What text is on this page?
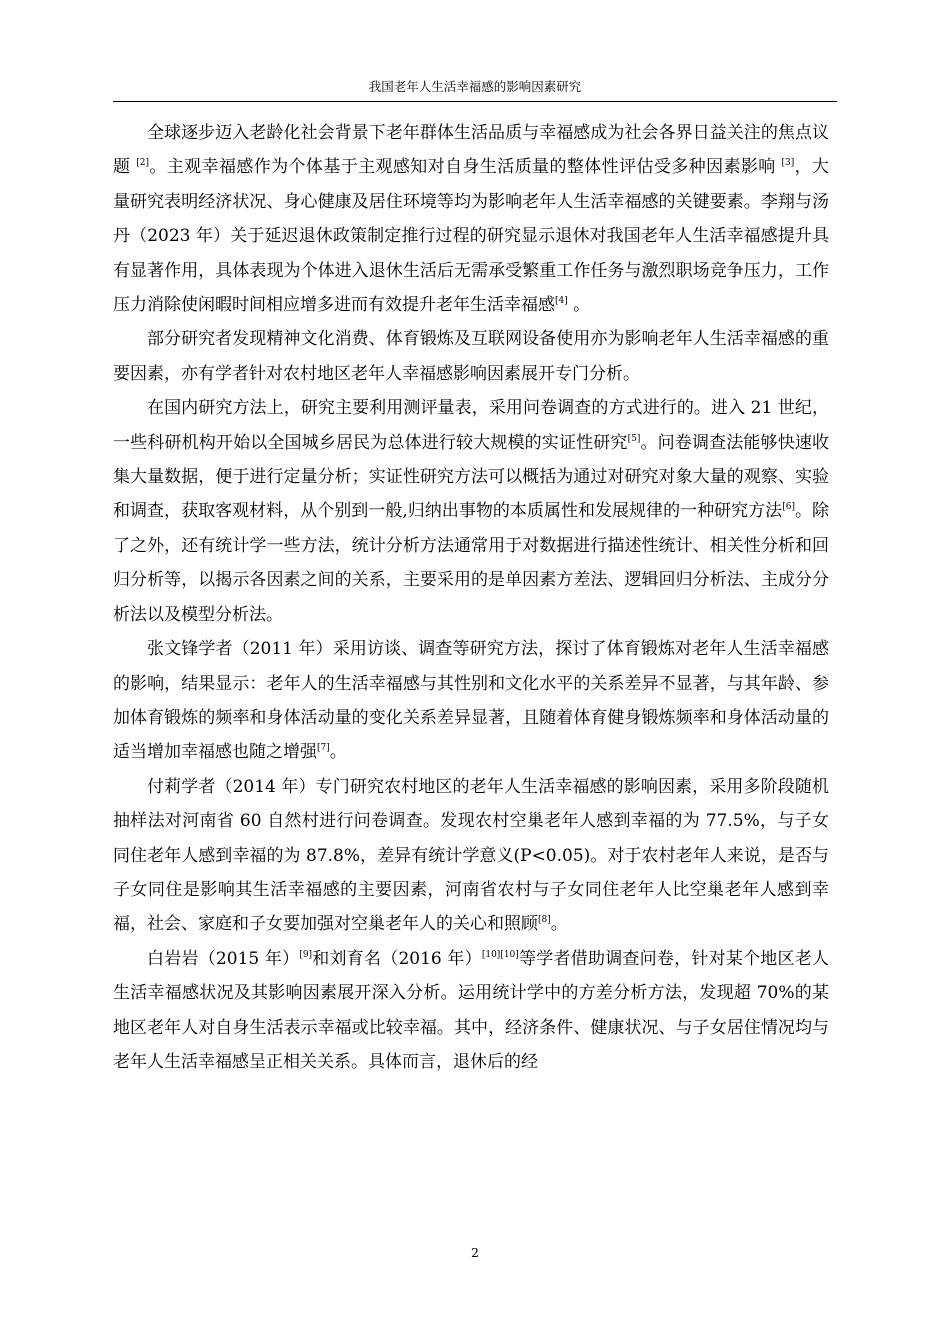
我国老年人生活幸福感的影响因素研究

全球逐步迈入老龄化社会背景下老年群体生活品质与幸福感成为社会各界日益关注的焦点议题 [2]。主观幸福感作为个体基于主观感知对自身生活质量的整体性评估受多种因素影响 [3]，大量研究表明经济状况、身心健康及居住环境等均为影响老年人生活幸福感的关键要素。李翔与汤丹（2023 年）关于延迟退休政策制定推行过程的研究显示退休对我国老年人生活幸福感提升具有显著作用，具体表现为个体进入退休生活后无需承受繁重工作任务与激烈职场竞争压力，工作压力消除使闲暇时间相应增多进而有效提升老年生活幸福感[4] 。

部分研究者发现精神文化消费、体育锻炼及互联网设备使用亦为影响老年人生活幸福感的重要因素，亦有学者针对农村地区老年人幸福感影响因素展开专门分析。

在国内研究方法上，研究主要利用测评量表，采用问卷调查的方式进行的。进入 21 世纪，一些科研机构开始以全国城乡居民为总体进行较大规模的实证性研究[5]。问卷调查法能够快速收集大量数据，便于进行定量分析；实证性研究方法可以概括为通过对研究对象大量的观察、实验和调查，获取客观材料，从个别到一般,归纳出事物的本质属性和发展规律的一种研究方法[6]。除了之外，还有统计学一些方法，统计分析方法通常用于对数据进行描述性统计、相关性分析和回归分析等，以揭示各因素之间的关系，主要采用的是单因素方差法、逻辑回归分析法、主成分分析法以及模型分析法。

张文锋学者（2011 年）采用访谈、调查等研究方法，探讨了体育锻炼对老年人生活幸福感的影响，结果显示：老年人的生活幸福感与其性别和文化水平的关系差异不显著，与其年龄、参加体育锻炼的频率和身体活动量的变化关系差异显著，且随着体育健身锻炼频率和身体活动量的适当增加幸福感也随之增强[7]。

付莉学者（2014 年）专门研究农村地区的老年人生活幸福感的影响因素，采用多阶段随机抽样法对河南省 60 自然村进行问卷调查。发现农村空巢老年人感到幸福的为 77.5%，与子女同住老年人感到幸福的为 87.8%，差异有统计学意义(P<0.05)。对于农村老年人来说，是否与子女同住是影响其生活幸福感的主要因素，河南省农村与子女同住老年人比空巢老年人感到幸福，社会、家庭和子女要加强对空巢老年人的关心和照顾[8]。

白岩岩（2015 年）[9]和刘育名（2016 年）[10][10]等学者借助调查问卷，针对某个地区老人生活幸福感状况及其影响因素展开深入分析。运用统计学中的方差分析方法，发现超 70%的某地区老年人对自身生活表示幸福或比较幸福。其中，经济条件、健康状况、与子女居住情况均与老年人生活幸福感呈正相关关系。具体而言，退休后的经

2
